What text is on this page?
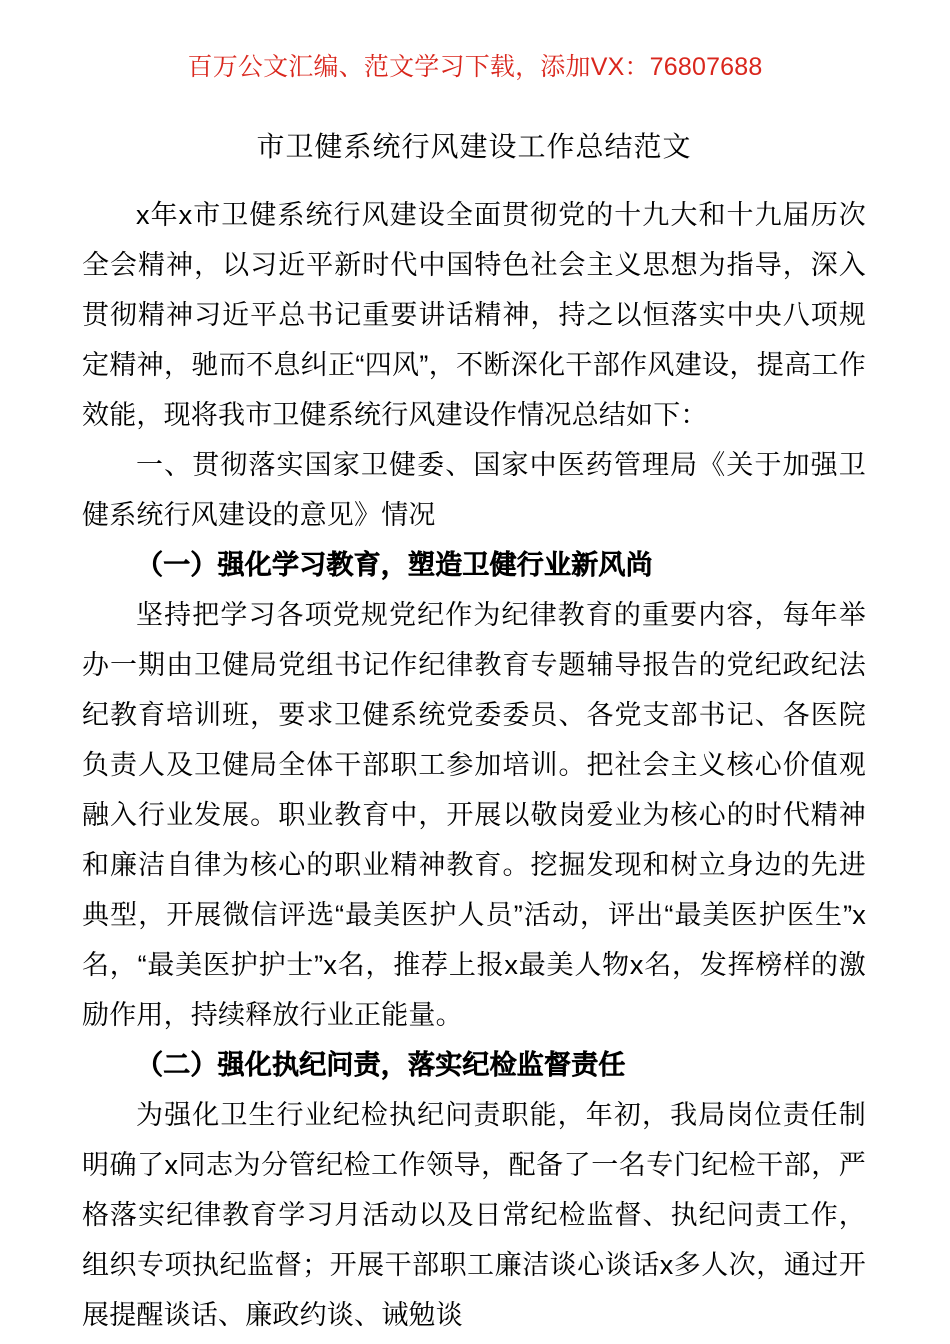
百万公文汇编、范文学习下载，添加VX：76807688
市卫健系统行风建设工作总结范文

x年x市卫健系统行风建设全面贯彻党的十九大和十九届历次全会精神，以习近平新时代中国特色社会主义思想为指导，深入贯彻精神习近平总书记重要讲话精神，持之以恒落实中央八项规定精神，驰而不息纠正“四风”，不断深化干部作风建设，提高工作效能，现将我市卫健系统行风建设作情况总结如下：

一、贯彻落实国家卫健委、国家中医药管理局《关于加强卫健系统行风建设的意见》情况

（一）强化学习教育，塑造卫健行业新风尚

坚持把学习各项党规党纪作为纪律教育的重要内容，每年举办一期由卫健局党组书记作纪律教育专题辅导报告的党纪政纪法纪教育培训班，要求卫健系统党委委员、各党支部书记、各医院负责人及卫健局全体干部职工参加培训。把社会主义核心价值观融入行业发展。职业教育中，开展以敬岗爱业为核心的时代精神和廉洁自律为核心的职业精神教育。挖掘发现和树立身边的先进典型，开展微信评选“最美医护人员”活动，评出“最美医护医生”x名，“最美医护护士”x名，推荐上报x最美人物x名，发挥榜样的激励作用，持续释放行业正能量。

（二）强化执纪问责，落实纪检监督责任

为强化卫生行业纪检执纪问责职能，年初，我局岗位责任制明确了x同志为分管纪检工作领导，配备了一名专门纪检干部，严格落实纪律教育学习月活动以及日常纪检监督、执纪问责工作，组织专项执纪监督；开展干部职工廉洁谈心谈话x多人次，通过开展提醒谈话、廉政约谈、诫勉谈
